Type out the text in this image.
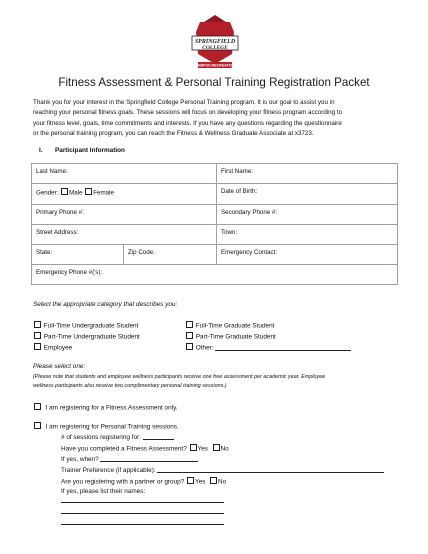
SPRINGFIELD
COLLEGE
CAMPUS RECREATION
Fitness Assessment & Personal Training Registration Packet
Thank you for your interest in the Springfield College Personal Training program. It is our goal to assist you in
reaching your personal fitness goals. These sessions will focus on developing your fitness program according to
your fitness level, goals, time commitments and interests. If you have any questions regarding the questionnaire
or the personal training program, you can reach the Fitness & Wellness Graduate Associate at x3723.
I. Participant Information
Last Name:		First Name:
Gender: Male Female		Date of Birth:
Primary Phone #:		Secondary Phone #:
Street Address:		Town:
State:	Zip Code:	Emergency Contact:
Emergency Phone #('s):		
Select the appropriate category that describes you:
Full-Time Undergraduate Student
Part-Time Undergraduate Student
Employee
Full-Time Graduate Student
Part-Time Graduate Student
Other:
Please select one:
(Please note that students and employee wellness participants receive one free assessment per academic year. Employee
wellness participants also receive two complimentary personal training sessions.)
I am registering for a Fitness Assessment only.
I am registering for Personal Training sessions.
# of sessions registering for:
Have you completed a Fitness Assessment? Yes No
If yes, when?
Trainer Preference (if applicable):
Are you registering with a partner or group? Yes No
If yes, please list their names:
